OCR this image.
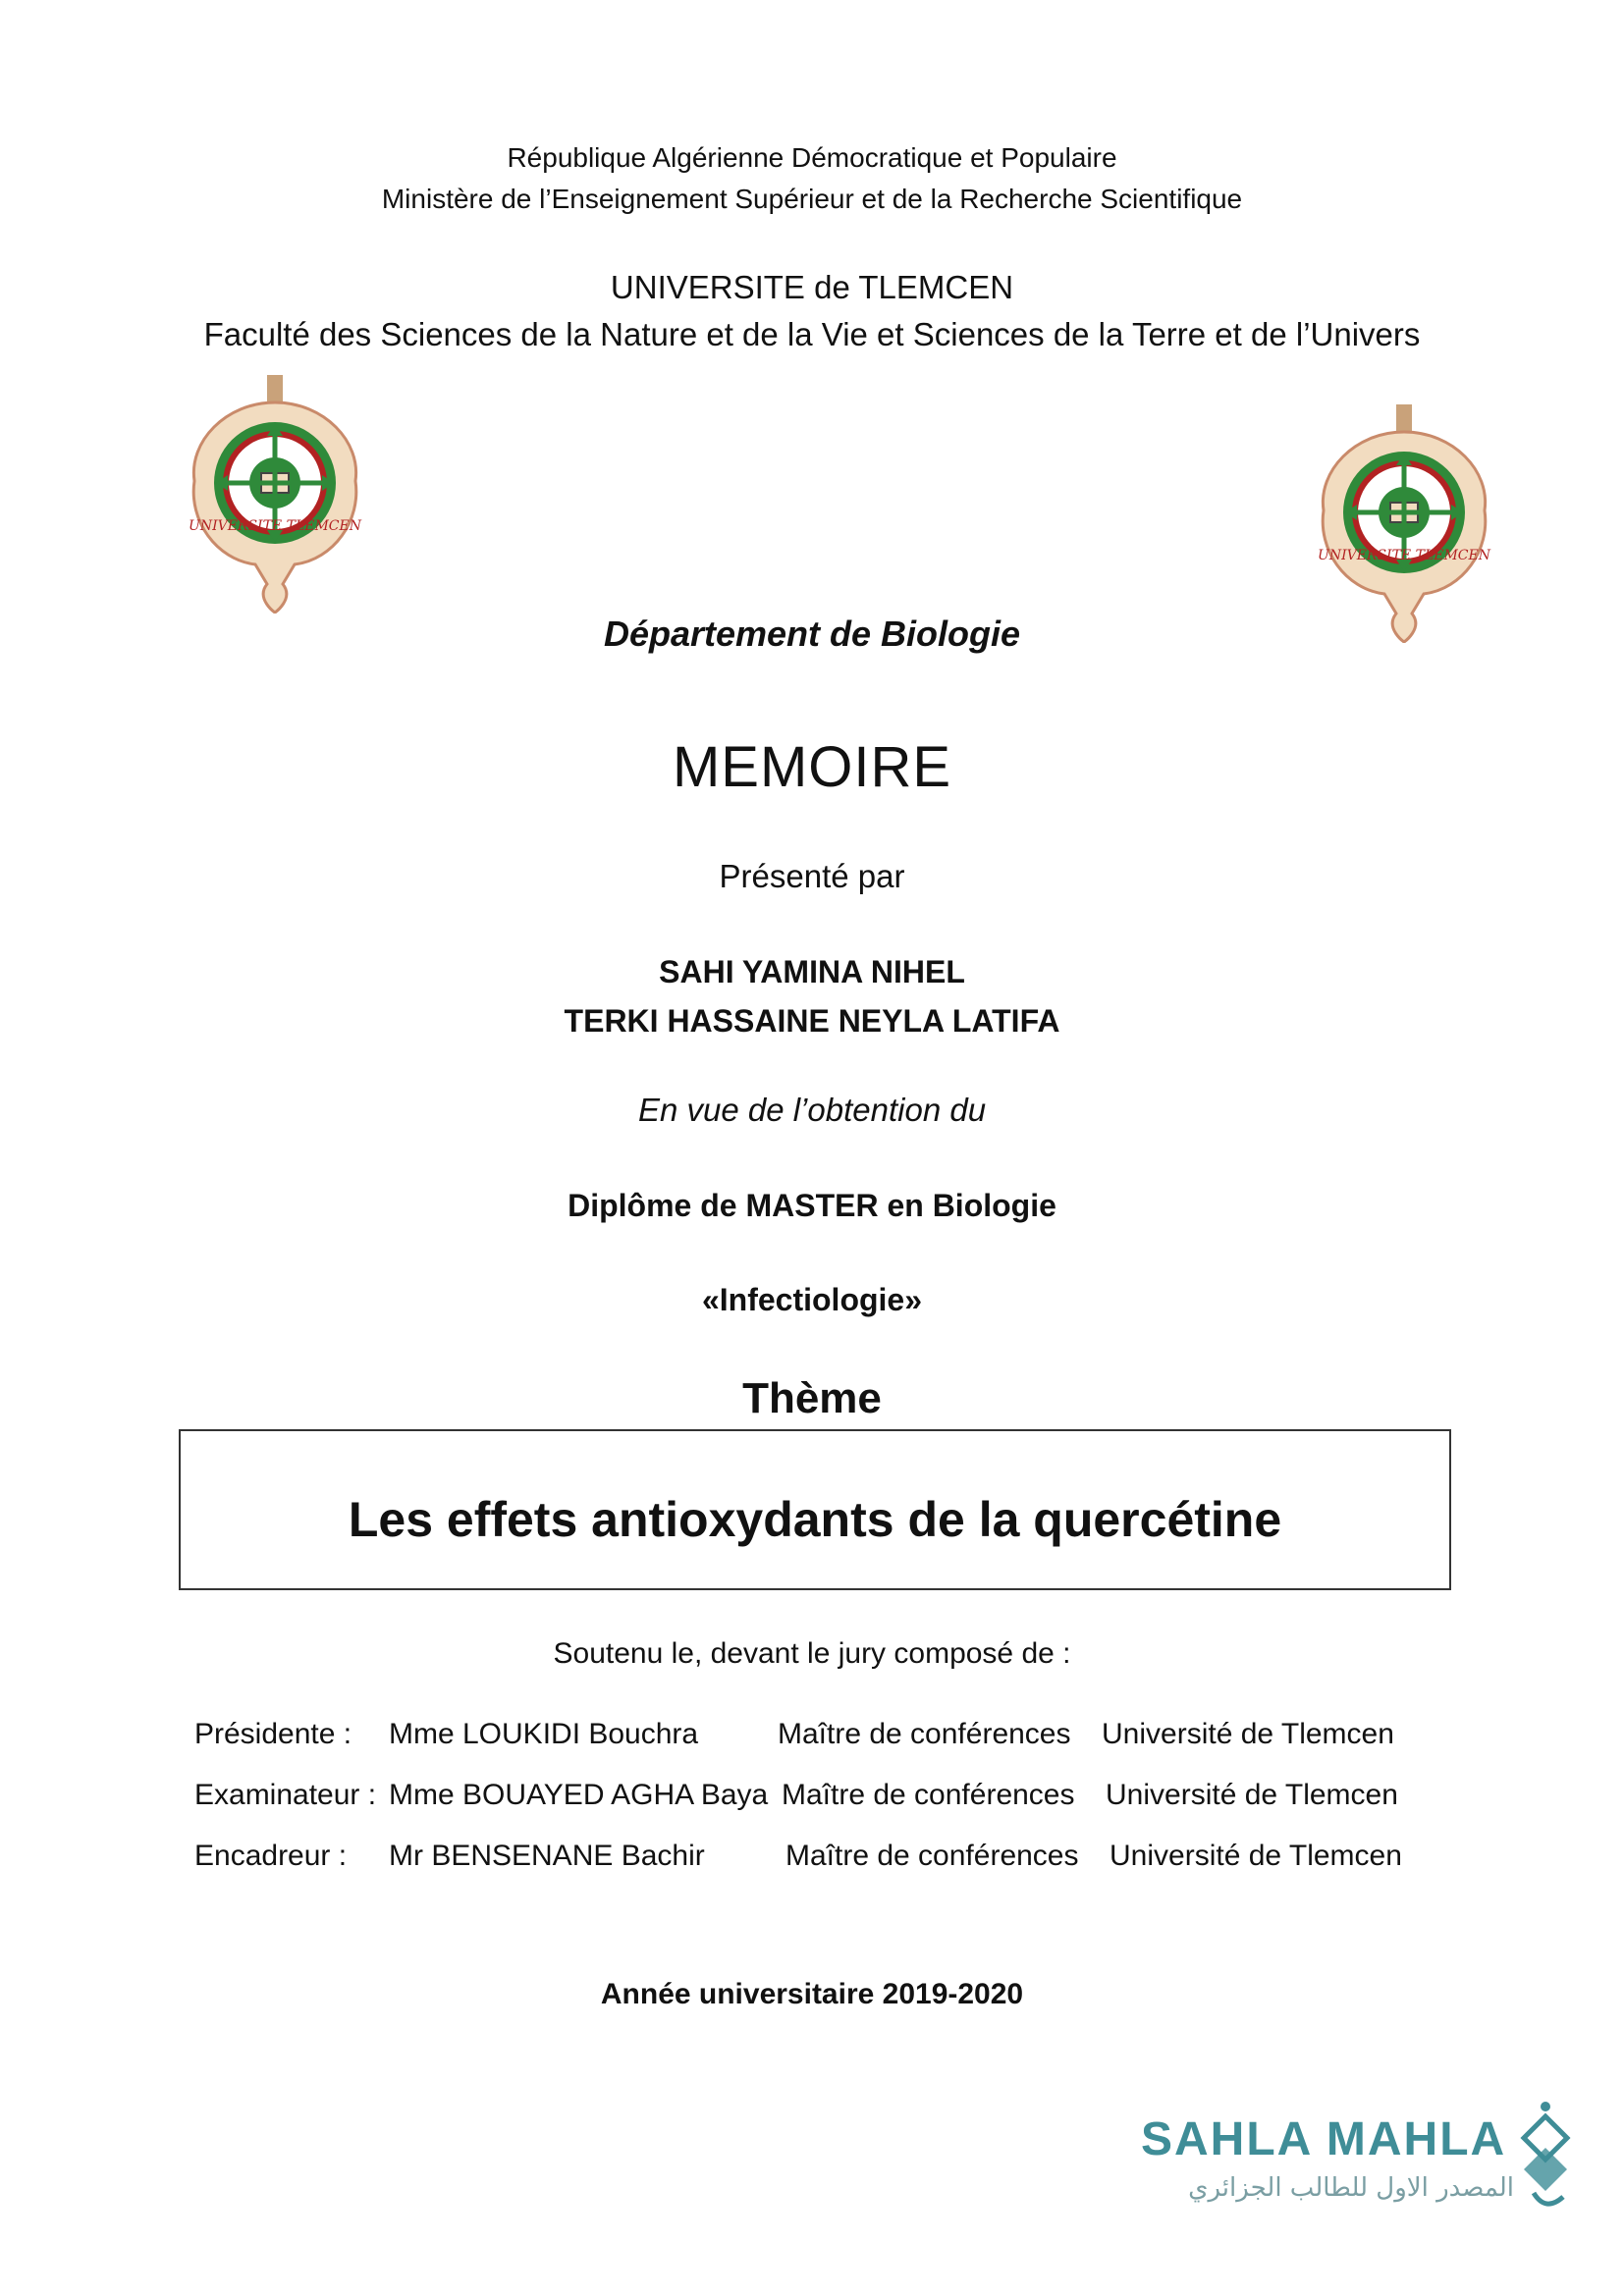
République Algérienne Démocratique et Populaire
Ministère de l’Enseignement Supérieur et de la Recherche Scientifique
UNIVERSITE de TLEMCEN
Faculté des Sciences de la Nature et de la Vie et Sciences de la Terre et de l’Univers
UNIVERSITE TLEMCEN
UNIVERSITE TLEMCEN
Département de Biologie
MEMOIRE
Présenté par
SAHI YAMINA NIHEL
TERKI HASSAINE NEYLA LATIFA
En vue de l’obtention du
Diplôme de MASTER en Biologie
«Infectiologie»
Thème
Les effets antioxydants de la quercétine
Soutenu le, devant le jury composé de :
Présidente : Mme LOUKIDI Bouchra	Maître de conférences Université de Tlemcen
Examinateur : Mme BOUAYED AGHA Baya Maître de conférences Université de Tlemcen
Encadreur : Mr BENSENANE Bachir	Maître de conférences Université de Tlemcen
Année universitaire 2019-2020
SAHLA MAHLA
المصدر الاول للطالب الجزائري
